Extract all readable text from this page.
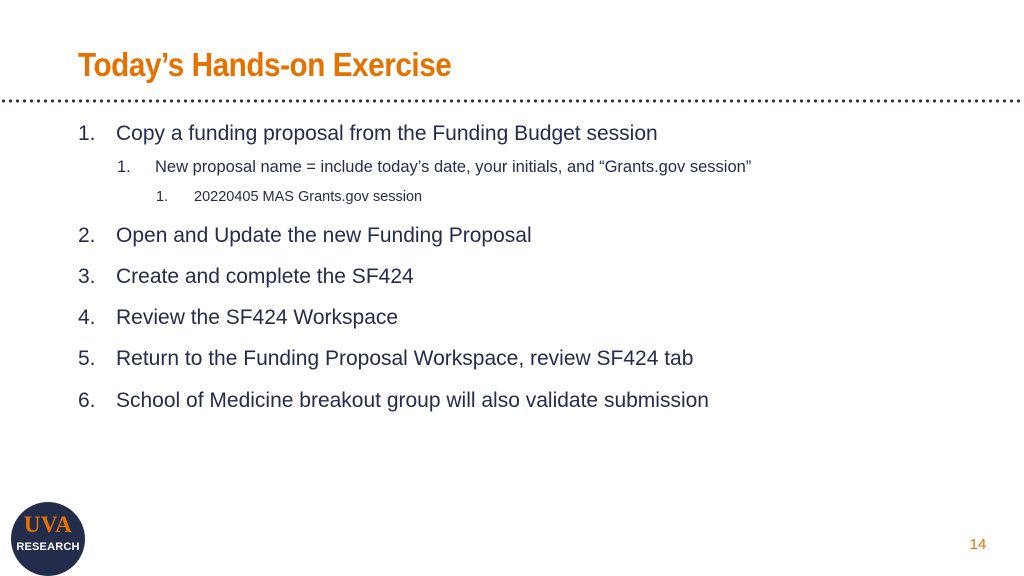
Today’s Hands-on Exercise
1. Copy a funding proposal from the Funding Budget session
1. New proposal name = include today’s date, your initials, and “Grants.gov session”
1. 20220405 MAS Grants.gov session
2. Open and Update the new Funding Proposal
3. Create and complete the SF424
4. Review the SF424 Workspace
5. Return to the Funding Proposal Workspace, review SF424 tab
6. School of Medicine breakout group will also validate submission
UVA
RESEARCH	14
